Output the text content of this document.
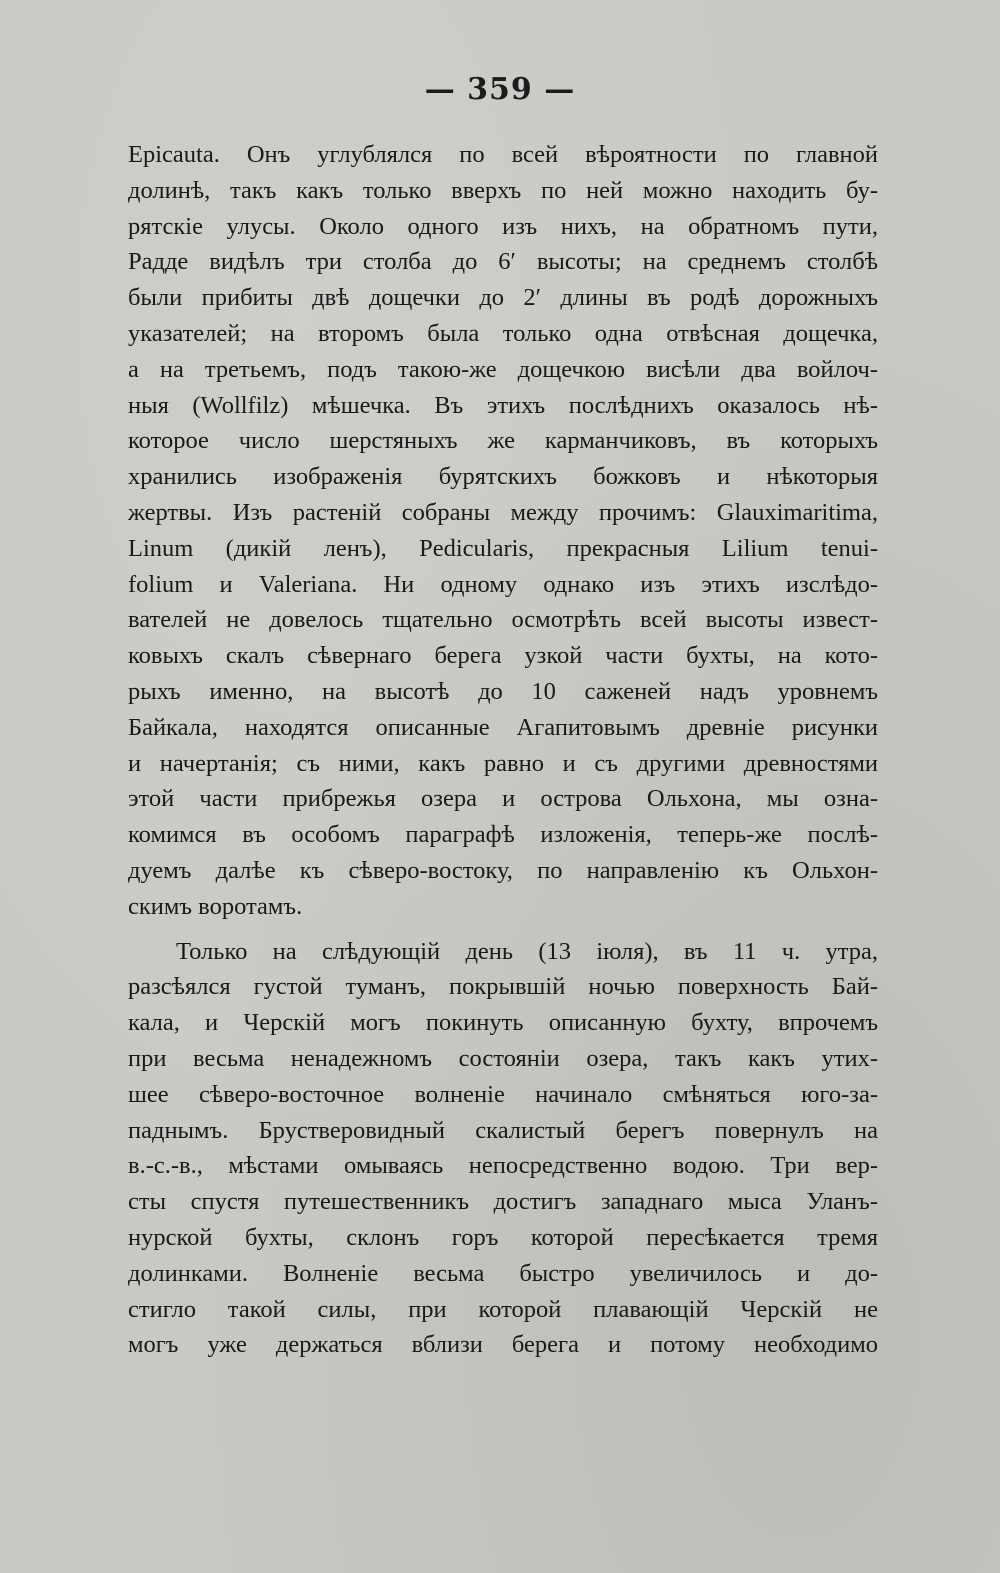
— 359 —
Epicauta. Онъ углублялся по всей вѣроятности по главной
долинѣ, такъ какъ только вверхъ по ней можно находить бу-
рятскіе улусы. Около одного изъ нихъ, на обратномъ пути,
Радде видѣлъ три столба до 6′ высоты; на среднемъ столбѣ
были прибиты двѣ дощечки до 2′ длины въ родѣ дорожныхъ
указателей; на второмъ была только одна отвѣсная дощечка,
а на третьемъ, подъ такою-же дощечкою висѣли два войлоч-
ныя (Wollfilz) мѣшечка. Въ этихъ послѣднихъ оказалось нѣ-
которое число шерстяныхъ же карманчиковъ, въ которыхъ
хранились изображенія бурятскихъ божковъ и нѣкоторыя
жертвы. Изъ растеній собраны между прочимъ: Glauximaritima,
Linum (дикій ленъ), Pedicularis, прекрасныя Lilium tenui-
folium и Valeriana. Ни одному однако изъ этихъ изслѣдо-
вателей не довелось тщательно осмотрѣть всей высоты извест-
ковыхъ скалъ сѣвернаго берега узкой части бухты, на кото-
рыхъ именно, на высотѣ до 10 саженей надъ уровнемъ
Байкала, находятся описанные Агапитовымъ древніе рисунки
и начертанія; съ ними, какъ равно и съ другими древностями
этой части прибрежья озера и острова Ольхона, мы озна-
комимся въ особомъ параграфѣ изложенія, теперь-же послѣ-
дуемъ далѣе къ сѣверо-востоку, по направленію къ Ольхон-
скимъ воротамъ.
Только на слѣдующій день (13 іюля), въ 11 ч. утра,
разсѣялся густой туманъ, покрывшій ночью поверхность Бай-
кала, и Черскій могъ покинуть описанную бухту, впрочемъ
при весьма ненадежномъ состояніи озера, такъ какъ утих-
шее сѣверо-восточное волненіе начинало смѣняться юго-за-
паднымъ. Брустверовидный скалистый берегъ повернулъ на
в.-с.-в., мѣстами омываясь непосредственно водою. Три вер-
сты спустя путешественникъ достигъ западнаго мыса Уланъ-
нурской бухты, склонъ горъ которой пересѣкается тремя
долинками. Волненіе весьма быстро увеличилось и до-
стигло такой силы, при которой плавающій Черскій не
могъ уже держаться вблизи берега и потому необходимо
